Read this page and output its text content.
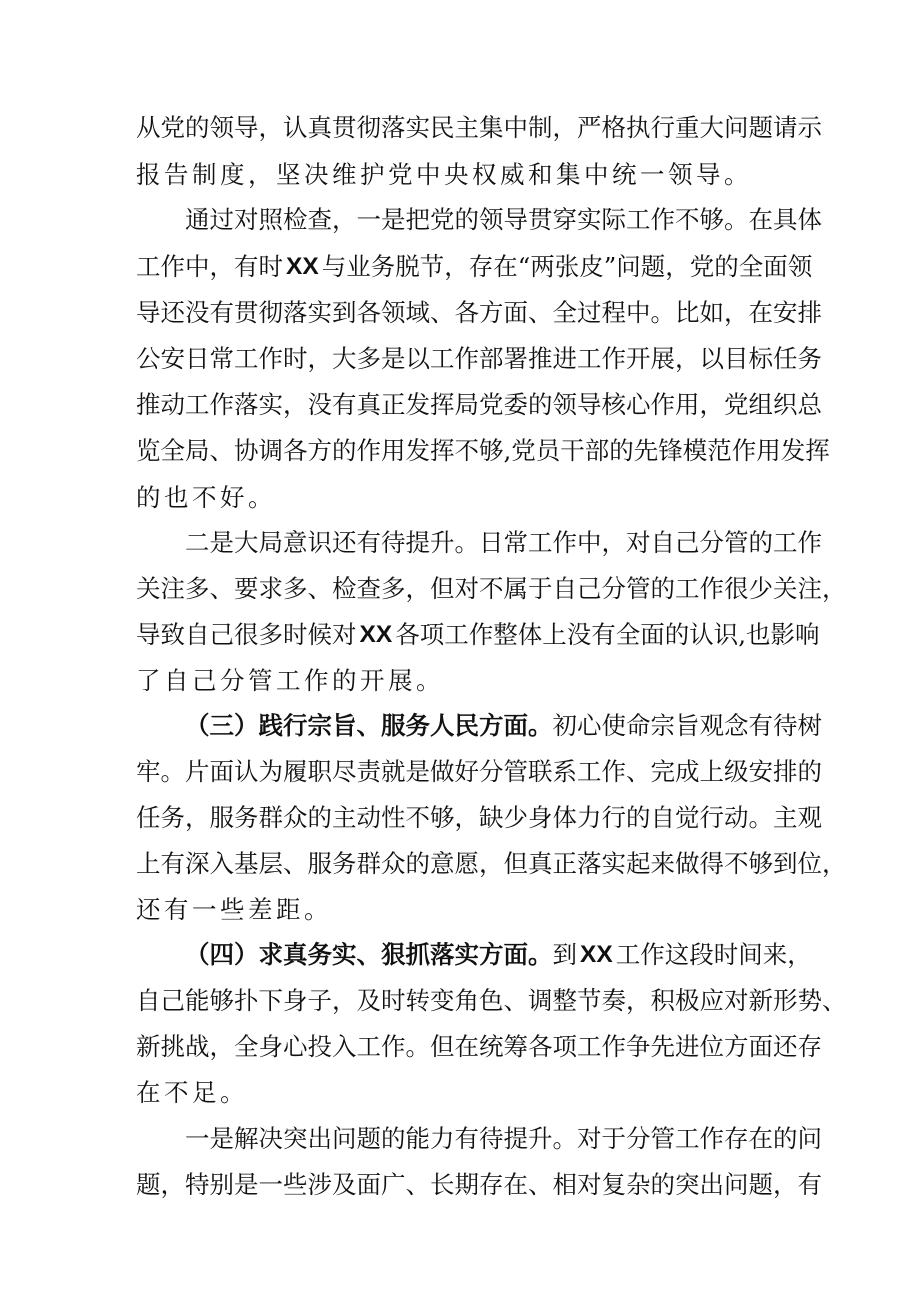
从 党 的 领 导 ， 认 真 贯 彻 落 实 民 主 集 中 制 ， 严 格 执 行 重 大 问 题 请 示
报 告 制 度 ， 坚 决 维 护 党 中 央 权 威 和 集 中 统 一 领 导 。
通 过 对 照 检 查 ， 一 是 把 党 的 领 导 贯 穿 实 际 工 作 不 够 。 在 具 体
工 作 中 ， 有 时 XX 与 业 务 脱 节 ， 存 在 “ 两 张 皮 ” 问 题 ， 党 的 全 面 领
导 还 没 有 贯 彻 落 实 到 各 领 域 、 各 方 面 、 全 过 程 中 。 比 如 ， 在 安 排
公 安 日 常 工 作 时 ， 大 多 是 以 工 作 部 署 推 进 工 作 开 展 ， 以 目 标 任 务
推 动 工 作 落 实 ， 没 有 真 正 发 挥 局 党 委 的 领 导 核 心 作 用 ， 党 组 织 总
览 全 局 、 协 调 各 方 的 作 用 发 挥 不 够 , 党 员 干 部 的 先 锋 模 范 作 用 发 挥
的 也 不 好 。
二 是 大 局 意 识 还 有 待 提 升 。 日 常 工 作 中 ， 对 自 己 分 管 的 工 作
关 注 多 、 要 求 多 、 检 查 多 ， 但 对 不 属 于 自 己 分 管 的 工 作 很 少 关 注 ，
导 致 自 己 很 多 时 候 对 XX 各 项 工 作 整 体 上 没 有 全 面 的 认 识 , 也 影 响
了 自 己 分 管 工 作 的 开 展 。
（ 三 ） 践 行 宗 旨 、 服 务 人 民 方 面 。 初 心 使 命 宗 旨 观 念 有 待 树
牢 。 片 面 认 为 履 职 尽 责 就 是 做 好 分 管 联 系 工 作 、 完 成 上 级 安 排 的
任 务 ， 服 务 群 众 的 主 动 性 不 够 ， 缺 少 身 体 力 行 的 自 觉 行 动 。 主 观
上 有 深 入 基 层 、 服 务 群 众 的 意 愿 ， 但 真 正 落 实 起 来 做 得 不 够 到 位 ，
还 有 一 些 差 距 。
（ 四 ） 求 真 务 实 、 狠 抓 落 实 方 面 。 到 XX 工 作 这 段 时 间 来 ，
自 己 能 够 扑 下 身 子 ， 及 时 转 变 角 色 、 调 整 节 奏 ， 积 极 应 对 新 形 势 、
新 挑 战 ， 全 身 心 投 入 工 作 。 但 在 统 筹 各 项 工 作 争 先 进 位 方 面 还 存
在 不 足 。
一 是 解 决 突 出 问 题 的 能 力 有 待 提 升 。 对 于 分 管 工 作 存 在 的 问
题 ， 特 别 是 一 些 涉 及 面 广 、 长 期 存 在 、 相 对 复 杂 的 突 出 问 题 ， 有
